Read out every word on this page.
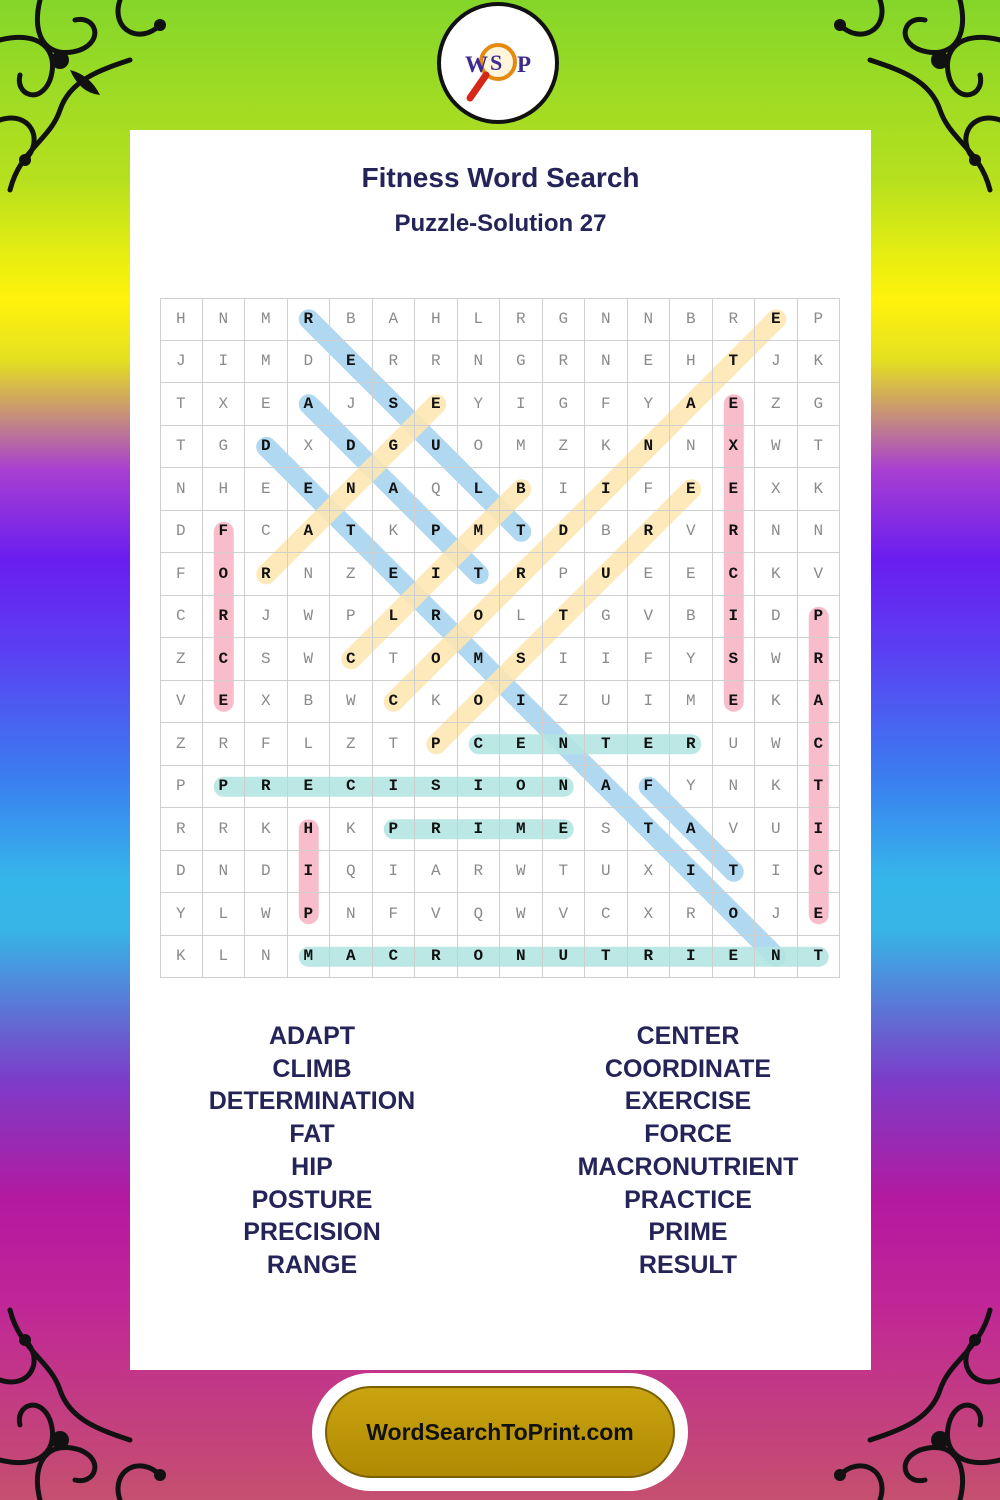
W S P
Fitness Word Search
Puzzle-Solution 27
H	N	M	R	B	A	H	L	R	G	N	N	B	R	E	P
J	I	M	D	E	R	R	N	G	R	N	E	H	T	J	K
T	X	E	A	J	S	E	Y	I	G	F	Y	A	E	Z	G
T	G	D	X	D	G	U	O	M	Z	K	N	N	X	W	T
N	H	E	E	N	A	Q	L	B	I	I	F	E	E	X	K
D	F	C	A	T	K	P	M	T	D	B	R	V	R	N	N
F	O	R	N	Z	E	I	T	R	P	U	E	E	C	K	V
C	R	J	W	P	L	R	O	L	T	G	V	B	I	D	P
Z	C	S	W	C	T	O	M	S	I	I	F	Y	S	W	R
V	E	X	B	W	C	K	O	I	Z	U	I	M	E	K	A
Z	R	F	L	Z	T	P	C	E	N	T	E	R	U	W	C
P	P	R	E	C	I	S	I	O	N	A	F	Y	N	K	T
R	R	K	H	K	P	R	I	M	E	S	T	A	V	U	I
D	N	D	I	Q	I	A	R	W	T	U	X	I	T	I	C
Y	L	W	P	N	F	V	Q	W	V	C	X	R	O	J	E
K	L	N	M	A	C	R	O	N	U	T	R	I	E	N	T
ADAPT
CLIMB
DETERMINATION
FAT
HIP
POSTURE
PRECISION
RANGE
CENTER
COORDINATE
EXERCISE
FORCE
MACRONUTRIENT
PRACTICE
PRIME
RESULT
WordSearchToPrint.com
